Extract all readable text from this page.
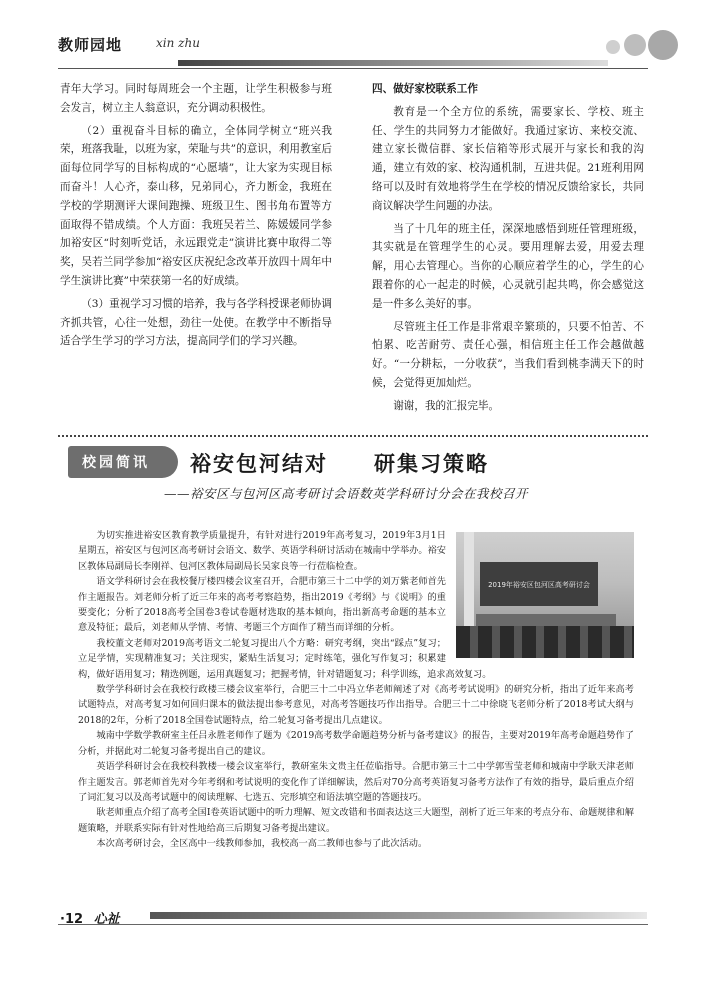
教师园地	xin zhu

青年大学习。同时每周班会一个主题，让学生积极参与班会发言，树立主人翁意识，充分调动积极性。

（2）重视奋斗目标的确立，全体同学树立“班兴我荣，班落我耻，以班为家，荣耻与共”的意识，利用教室后面每位同学写的目标构成的“心愿墙”，让大家为实现目标而奋斗！人心齐，泰山移，兄弟同心，齐力断金，我班在学校的学期测评大课间跑操、班级卫生、图书角布置等方面取得不错成绩。个人方面：我班吴若兰、陈媛媛同学参加裕安区“时刻听党话，永远跟党走”演讲比赛中取得二等奖，吴若兰同学参加“裕安区庆祝纪念改革开放四十周年中学生演讲比赛”中荣获第一名的好成绩。

（3）重视学习习惯的培养，我与各学科授课老师协调齐抓共管，心往一处想，劲往一处使。在教学中不断指导适合学生学习的学习方法，提高同学们的学习兴趣。

四、做好家校联系工作

教育是一个全方位的系统，需要家长、学校、班主任、学生的共同努力才能做好。我通过家访、来校交流、建立家长微信群、家长信箱等形式展开与家长和我的沟通，建立有效的家、校沟通机制，互进共促。21班利用网络可以及时有效地将学生在学校的情况反馈给家长，共同商议解决学生问题的办法。

当了十几年的班主任，深深地感悟到班任管理班级，其实就是在管理学生的心灵。要用理解去爱，用爱去理解，用心去管理心。当你的心顺应着学生的心，学生的心跟着你的心一起走的时候，心灵就引起共鸣，你会感觉这是一件多么美好的事。

尽管班主任工作是非常艰辛繁琐的，只要不怕苦、不怕累、吃苦耐劳、责任心强，相信班主任工作会越做越好。“一分耕耘，一分收获”，当我们看到桃李满天下的时候，会觉得更加灿烂。

谢谢，我的汇报完毕。

校园简讯 裕安包河结对　　研集习策略
——裕安区与包河区高考研讨会语数英学科研讨分会在我校召开
2019年裕安区包河区高考研讨会

为切实推进裕安区教育教学质量提升，有针对进行2019年高考复习，2019年3月1日星期五，裕安区与包河区高考研讨会语文、数学、英语学科研讨活动在城南中学举办。裕安区教体局副局长李刚祥、包河区教体局副局长吴家良等一行莅临检查。

语文学科研讨会在我校餐厅楼四楼会议室召开，合肥市第三十二中学的刘万紫老师首先作主题报告。刘老师分析了近三年来的高考考察趋势，指出2019《考纲》与《说明》的重要变化；分析了2018高考全国卷3卷试卷题材选取的基本倾向，指出新高考命题的基本立意及特征；最后，刘老师从学情、考情、考题三个方面作了精当而详细的分析。

我校董文老师对2019高考语文二轮复习提出八个方略：研究考纲，突出“踩点”复习；立足学情，实现精准复习；关注现实，紧贴生活复习；定时练笔，强化写作复习；积累建构，做好语用复习；精选例题，运用真题复习；把握考情，针对错题复习；科学训练，追求高效复习。

数学学科研讨会在我校行政楼三楼会议室举行，合肥三十二中冯立华老师阐述了对《高考考试说明》的研究分析，指出了近年来高考试题特点，对高考复习如何回归课本的做法提出参考意见，对高考答题技巧作出指导。合肥三十二中徐晓飞老师分析了2018考试大纲与2018的2年，分析了2018全国卷试题特点，给二轮复习备考提出几点建议。

城南中学数学教研室主任吕永胜老师作了题为《2019高考数学命题趋势分析与备考建议》的报告，主要对2019年高考命题趋势作了分析，并据此对二轮复习备考提出自己的建议。

英语学科研讨会在我校科教楼一楼会议室举行，教研室朱文贵主任莅临指导。合肥市第三十二中学郭雪莹老师和城南中学耿天津老师作主题发言。郭老师首先对今年考纲和考试说明的变化作了详细解读，然后对70分高考英语复习备考方法作了有效的指导，最后重点介绍了词汇复习以及高考试题中的阅读理解、七选五、完形填空和语法填空题的答题技巧。

耿老师重点介绍了高考全国Ⅰ卷英语试题中的听力理解、短文改错和书面表达这三大题型，剖析了近三年来的考点分布、命题规律和解题策略，并联系实际有针对性地给高三后期复习备考提出建议。

本次高考研讨会，全区高中一线教师参加，我校高一高二教师也参与了此次活动。

·12 心祉
